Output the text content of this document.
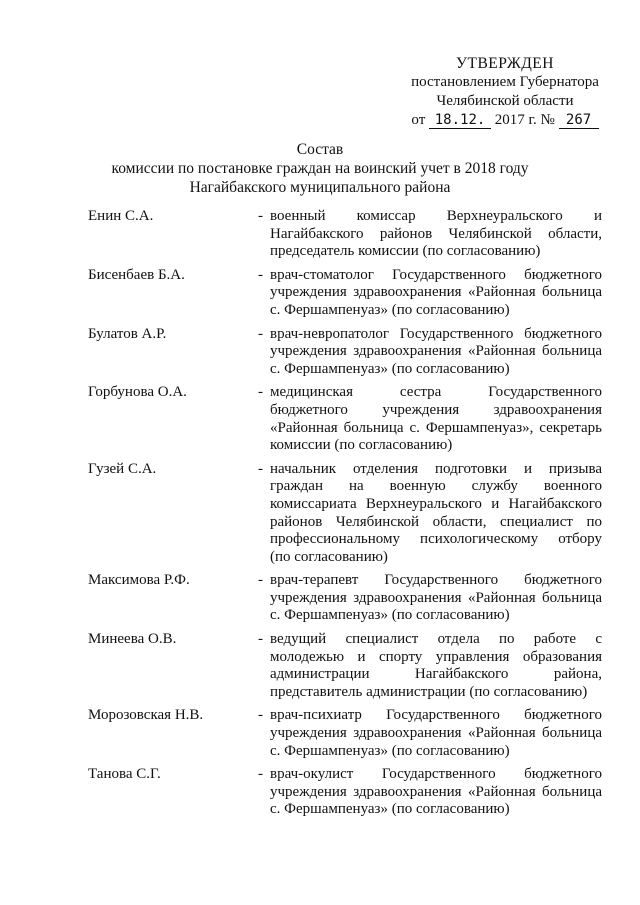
УТВЕРЖДЕН
постановлением Губернатора
Челябинской области
от 18.12. 2017 г. № 267
Состав
комиссии по постановке граждан на воинский учет в 2018 году
Нагайбакского муниципального района
Енин С.А.	- военный комиссар Верхнеуральского и
Нагайбакского районов Челябинской области,
председатель комиссии (по согласованию)
Бисенбаев Б.А.	- врач-стоматолог Государственного бюджетного
учреждения здравоохранения «Районная больница
с. Фершампенуаз» (по согласованию)
Булатов А.Р.	- врач-невропатолог Государственного бюджетного
учреждения здравоохранения «Районная больница
с. Фершампенуаз» (по согласованию)
Горбунова О.А.	- медицинская сестра Государственного
бюджетного учреждения здравоохранения
«Районная больница с. Фершампенуаз», секретарь
комиссии (по согласованию)
Гузей С.А.	- начальник отделения подготовки и призыва
граждан на военную службу военного
комиссариата Верхнеуральского и Нагайбакского
районов Челябинской области, специалист по
профессиональному психологическому отбору
(по согласованию)
Максимова Р.Ф.	- врач-терапевт Государственного бюджетного
учреждения здравоохранения «Районная больница
с. Фершампенуаз» (по согласованию)
Минеева О.В.	- ведущий специалист отдела по работе с
молодежью и спорту управления образования
администрации Нагайбакского района,
представитель администрации (по согласованию)
Морозовская Н.В.	- врач-психиатр Государственного бюджетного
учреждения здравоохранения «Районная больница
с. Фершампенуаз» (по согласованию)
Танова С.Г.	- врач-окулист Государственного бюджетного
учреждения здравоохранения «Районная больница
с. Фершампенуаз» (по согласованию)
